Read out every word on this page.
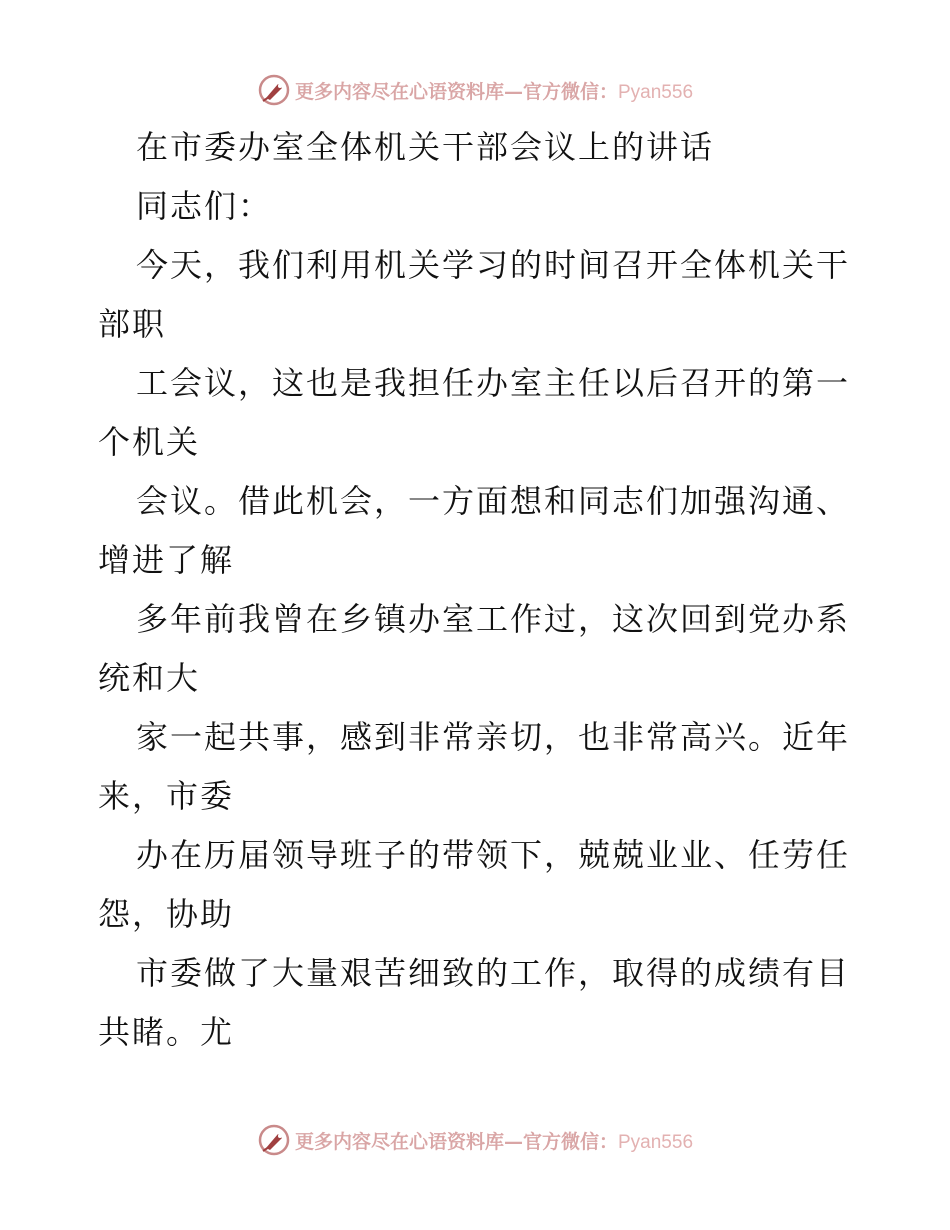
更多内容尽在心语资料库—官方微信：Pyan556
在市委办室全体机关干部会议上的讲话
同志们：
今天，我们利用机关学习的时间召开全体机关干
部职
工会议，这也是我担任办室主任以后召开的第一
个机关
会议。借此机会，一方面想和同志们加强沟通、
增进了解
多年前我曾在乡镇办室工作过，这次回到党办系
统和大
家一起共事，感到非常亲切，也非常高兴。近年
来，市委
办在历届领导班子的带领下，兢兢业业、任劳任
怨，协助
市委做了大量艰苦细致的工作，取得的成绩有目
共睹。尤
更多内容尽在心语资料库—官方微信：Pyan556
